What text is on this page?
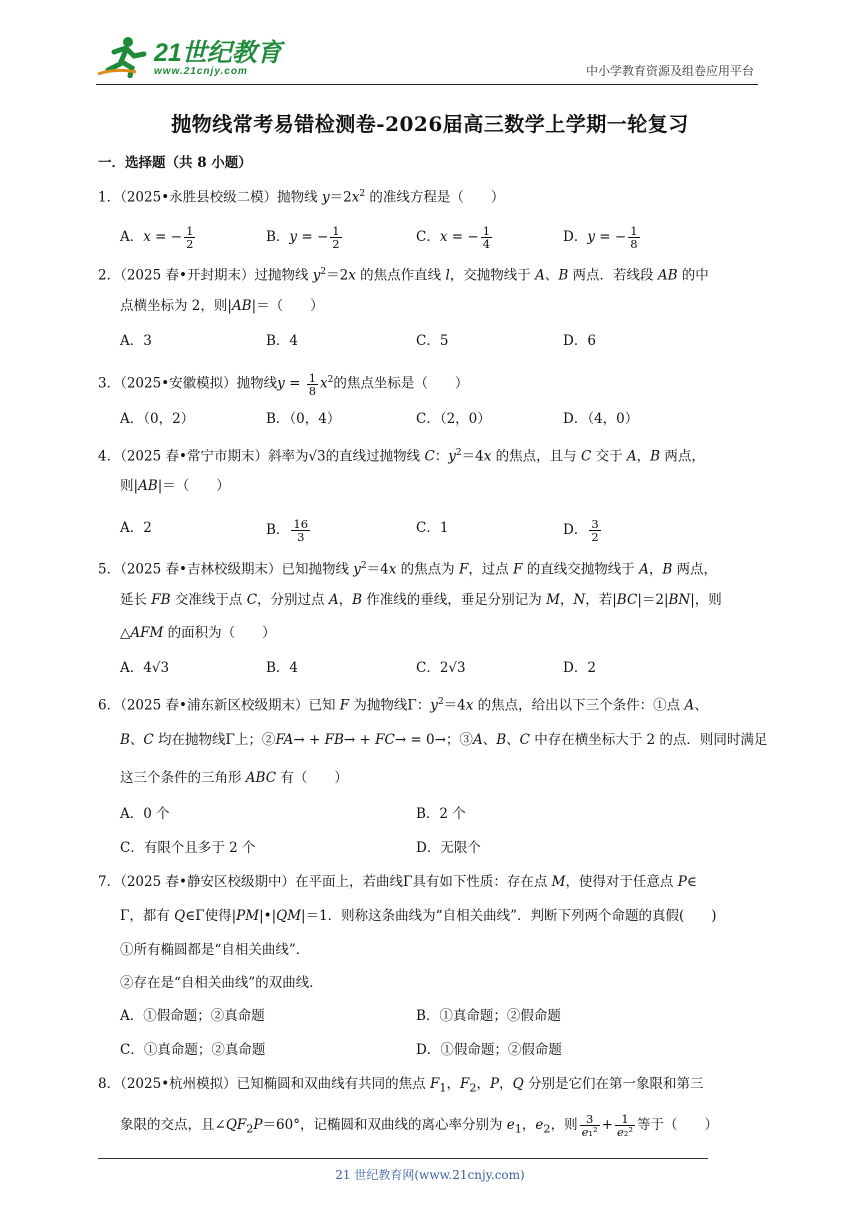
21世纪教育
www.21cnjy.com	中小学教育资源及组卷应用平台
抛物线常考易错检测卷-2026届高三数学上学期一轮复习
一．选择题（共 8 小题）
1．（2025•永胜县校级二模）抛物线 $y=2x^2$ 的准线方程是（　　）
A．x = − $\frac{1}{2}$	B．y = − $\frac{1}{2}$	C．x = − $\frac{1}{4}$	D．y = − $\frac{1}{8}$
2．（2025 春•开封期末）过抛物线 $y^2=2x$ 的焦点作直线 l，交抛物线于 A、B 两点．若线段 AB 的中
点横坐标为 2，则|AB|＝（　　）
A．3	B．4	C．5	D．6
3．（2025•安徽模拟）抛物线$y = \frac{1}{8} x^2$的焦点坐标是（　　）
A．（0，2）	B．（0，4）	C．（2，0）	D．（4，0）
4．（2025 春•常宁市期末）斜率为√3的直线过抛物线 C：$y^2=4x$ 的焦点，且与 C 交于 A，B 两点，
则|AB|＝（　　）
A．2	B． $\frac{16}{3}$	C．1	D． $\frac{3}{2}$
5．（2025 春•吉林校级期末）已知抛物线 $y^2=4x$ 的焦点为 F，过点 F 的直线交抛物线于 A，B 两点，
延长 FB 交准线于点 C，分别过点 A，B 作准线的垂线，垂足分别记为 M，N，若|BC|＝2|BN|，则
△AFM 的面积为（　　）
A．4√3	B．4	C．2√3	D．2
6．（2025 春•浦东新区校级期末）已知 F 为抛物线Γ：$y^2=4x$ 的焦点，给出以下三个条件：①点 A、
B、C 均在抛物线Γ上；②FA→ + FB→ + FC→ = 0→；③A、B、C 中存在横坐标大于 2 的点．则同时满足
这三个条件的三角形 ABC 有（　　）
A．0 个	B．2 个
C．有限个且多于 2 个	D．无限个
7．（2025 春•静安区校级期中）在平面上，若曲线Γ具有如下性质：存在点 M，使得对于任意点 P∈
Γ，都有 Q∈Γ使得|PM|•|QM|＝1．则称这条曲线为“自相关曲线”．判断下列两个命题的真假(　　)
①所有椭圆都是“自相关曲线”．
②存在是“自相关曲线”的双曲线．
A．①假命题；②真命题	B．①真命题；②假命题
C．①真命题；②真命题	D．①假命题；②假命题
8．（2025•杭州模拟）已知椭圆和双曲线有共同的焦点 $F_1$，$F_2$，P，Q 分别是它们在第一象限和第三
象限的交点，且$\angle QF_2P=60^\circ$，记椭圆和双曲线的离心率分别为 $e_1$，$e_2$，则 $\frac{3}{\text{e₁²}} + \frac{1}{\text{e₂²}}$ 等于（　　）
21 世纪教育网(www.21cnjy.com)
